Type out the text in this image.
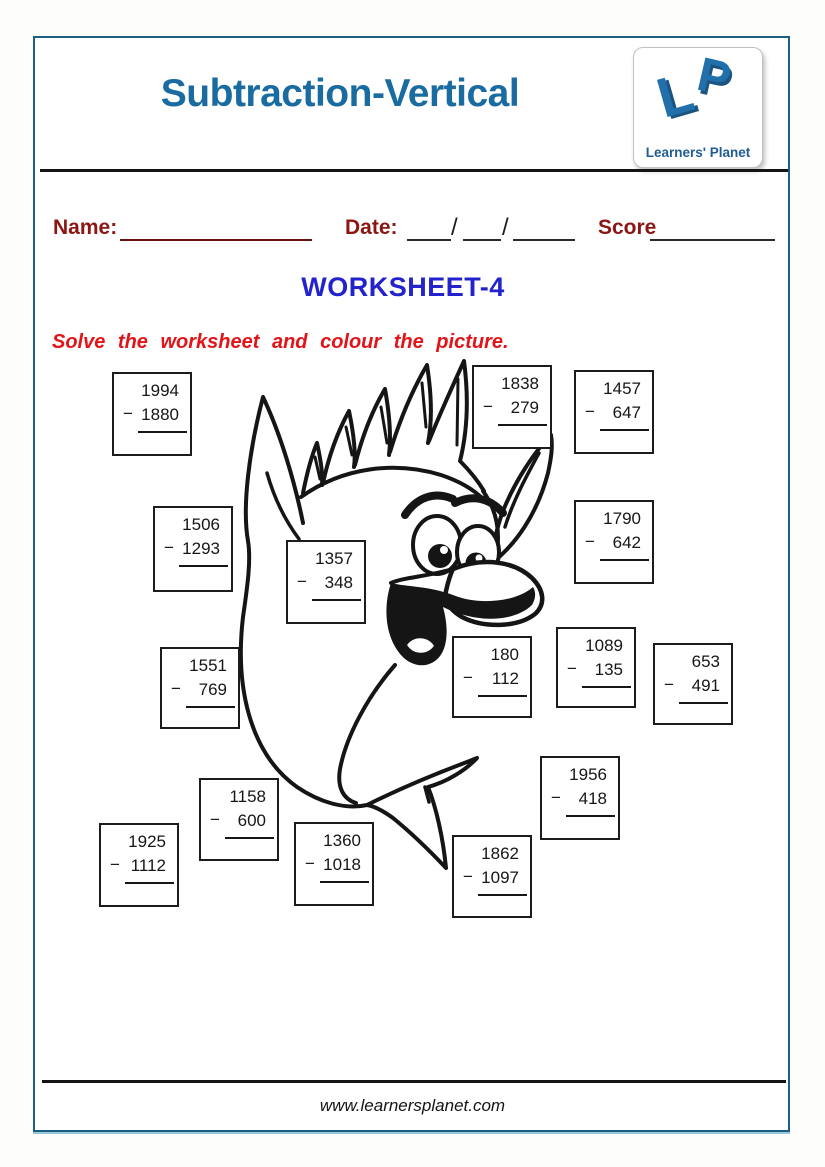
Subtraction-Vertical	L
P
Learners' Planet
Name:	Date: / /	Score
WORKSHEET-4
Solve the worksheet and colour the picture.
1994
− 1880
1838
− 279
1457
− 647
1506
− 1293
1790
− 642
1357
− 348
1551
− 769
180
− 112
1089
− 135	653
− 491
1956
− 418
1158
− 600
1925
− 1112
1360
− 1018
1862
− 1097
www.learnersplanet.com
